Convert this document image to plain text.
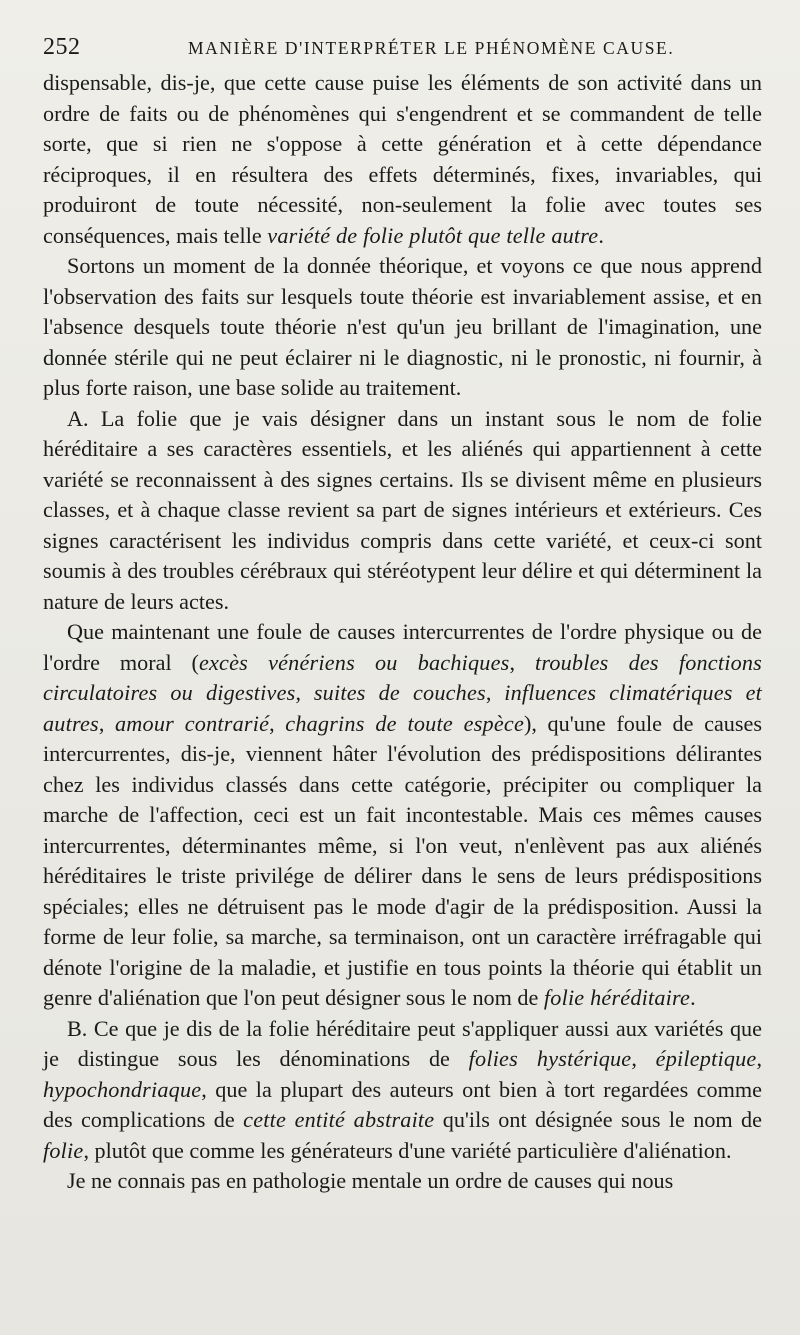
252	MANIÈRE D'INTERPRÉTER LE PHÉNOMÈNE CAUSE.

dispensable, dis-je, que cette cause puise les éléments de son activité dans un ordre de faits ou de phénomènes qui s'engendrent et se commandent de telle sorte, que si rien ne s'oppose à cette génération et à cette dépendance réciproques, il en résultera des effets déterminés, fixes, invariables, qui produiront de toute nécessité, non-seulement la folie avec toutes ses conséquences, mais telle variété de folie plutôt que telle autre.

Sortons un moment de la donnée théorique, et voyons ce que nous apprend l'observation des faits sur lesquels toute théorie est invariablement assise, et en l'absence desquels toute théorie n'est qu'un jeu brillant de l'imagination, une donnée stérile qui ne peut éclairer ni le diagnostic, ni le pronostic, ni fournir, à plus forte raison, une base solide au traitement.

A. La folie que je vais désigner dans un instant sous le nom de folie héréditaire a ses caractères essentiels, et les aliénés qui appartiennent à cette variété se reconnaissent à des signes certains. Ils se divisent même en plusieurs classes, et à chaque classe revient sa part de signes intérieurs et extérieurs. Ces signes caractérisent les individus compris dans cette variété, et ceux-ci sont soumis à des troubles cérébraux qui stéréotypent leur délire et qui déterminent la nature de leurs actes.

Que maintenant une foule de causes intercurrentes de l'ordre physique ou de l'ordre moral (excès vénériens ou bachiques, troubles des fonctions circulatoires ou digestives, suites de couches, influences climatériques et autres, amour contrarié, chagrins de toute espèce), qu'une foule de causes intercurrentes, dis-je, viennent hâter l'évolution des prédispositions délirantes chez les individus classés dans cette catégorie, précipiter ou compliquer la marche de l'affection, ceci est un fait incontestable. Mais ces mêmes causes intercurrentes, déterminantes même, si l'on veut, n'enlèvent pas aux aliénés héréditaires le triste privilége de délirer dans le sens de leurs prédispositions spéciales; elles ne détruisent pas le mode d'agir de la prédisposition. Aussi la forme de leur folie, sa marche, sa terminaison, ont un caractère irréfragable qui dénote l'origine de la maladie, et justifie en tous points la théorie qui établit un genre d'aliénation que l'on peut désigner sous le nom de folie héréditaire.

B. Ce que je dis de la folie héréditaire peut s'appliquer aussi aux variétés que je distingue sous les dénominations de folies hystérique, épileptique, hypochondriaque, que la plupart des auteurs ont bien à tort regardées comme des complications de cette entité abstraite qu'ils ont désignée sous le nom de folie, plutôt que comme les générateurs d'une variété particulière d'aliénation.

Je ne connais pas en pathologie mentale un ordre de causes qui nous
